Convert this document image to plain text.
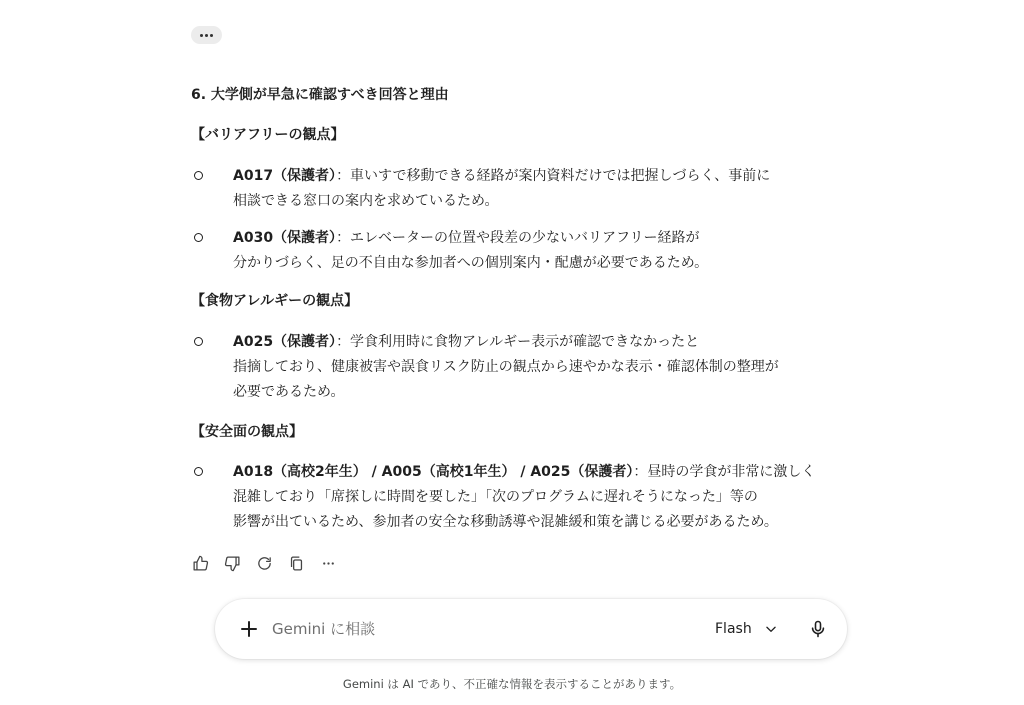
6. 大学側が早急に確認すべき回答と理由
【バリアフリーの観点】
A017（保護者）：車いすで移動できる経路が案内資料だけでは把握しづらく、事前に
相談できる窓口の案内を求めているため。
A030（保護者）：エレベーターの位置や段差の少ないバリアフリー経路が
分かりづらく、足の不自由な参加者への個別案内・配慮が必要であるため。
【食物アレルギーの観点】
A025（保護者）：学食利用時に食物アレルギー表示が確認できなかったと
指摘しており、健康被害や誤食リスク防止の観点から速やかな表示・確認体制の整理が
必要であるため。
【安全面の観点】
A018（高校2年生） / A005（高校1年生） / A025（保護者）：昼時の学食が非常に激しく
混雑しており「席探しに時間を要した」「次のプログラムに遅れそうになった」等の
影響が出ているため、参加者の安全な移動誘導や混雑緩和策を講じる必要があるため。
Gemini に相談
Flash
Gemini は AI であり、不正確な情報を表示することがあります。
